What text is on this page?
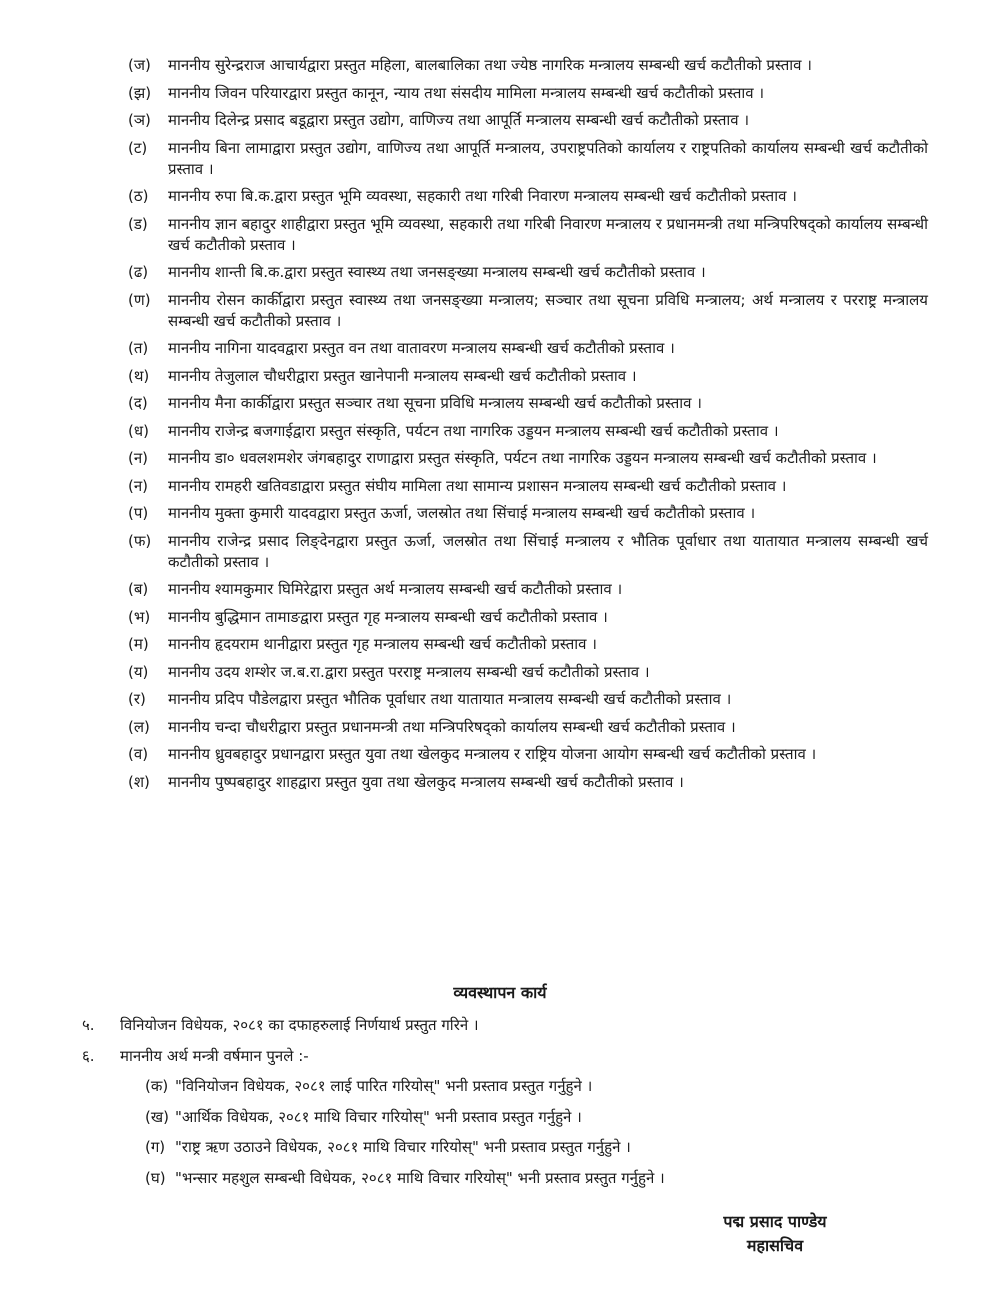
(ज)	माननीय सुरेन्द्रराज आचार्यद्वारा प्रस्तुत महिला, बालबालिका तथा ज्येष्ठ नागरिक मन्त्रालय सम्बन्धी खर्च कटौतीको प्रस्ताव ।
(झ)	माननीय जिवन परियारद्वारा प्रस्तुत कानून, न्याय तथा संसदीय मामिला मन्त्रालय सम्बन्धी खर्च कटौतीको प्रस्ताव ।
(ञ)	माननीय दिलेन्द्र प्रसाद बडूद्वारा प्रस्तुत उद्योग, वाणिज्य तथा आपूर्ति मन्त्रालय सम्बन्धी खर्च कटौतीको प्रस्ताव ।
(ट)	माननीय बिना लामाद्वारा प्रस्तुत उद्योग, वाणिज्य तथा आपूर्ति मन्त्रालय, उपराष्ट्रपतिको कार्यालय र राष्ट्रपतिको कार्यालय सम्बन्धी खर्च कटौतीको प्रस्ताव ।
(ठ)	माननीय रुपा बि.क.द्वारा प्रस्तुत भूमि व्यवस्था, सहकारी तथा गरिबी निवारण मन्त्रालय सम्बन्धी खर्च कटौतीको प्रस्ताव ।
(ड)	माननीय ज्ञान बहादुर शाहीद्वारा प्रस्तुत भूमि व्यवस्था, सहकारी तथा गरिबी निवारण मन्त्रालय र प्रधानमन्त्री तथा मन्त्रिपरिषद्को कार्यालय सम्बन्धी खर्च कटौतीको प्रस्ताव ।
(ढ)	माननीय शान्ती बि.क.द्वारा प्रस्तुत स्वास्थ्य तथा जनसङ्ख्या मन्त्रालय सम्बन्धी खर्च कटौतीको प्रस्ताव ।
(ण)	माननीय रोसन कार्कीद्वारा प्रस्तुत स्वास्थ्य तथा जनसङ्ख्या मन्त्रालय; सञ्चार तथा सूचना प्रविधि मन्त्रालय; अर्थ मन्त्रालय र परराष्ट्र मन्त्रालय सम्बन्धी खर्च कटौतीको प्रस्ताव ।
(त)	माननीय नागिना यादवद्वारा प्रस्तुत वन तथा वातावरण मन्त्रालय सम्बन्धी खर्च कटौतीको प्रस्ताव ।
(थ)	माननीय तेजुलाल चौधरीद्वारा प्रस्तुत खानेपानी मन्त्रालय सम्बन्धी खर्च कटौतीको प्रस्ताव ।
(द)	माननीय मैना कार्कीद्वारा प्रस्तुत सञ्चार तथा सूचना प्रविधि मन्त्रालय सम्बन्धी खर्च कटौतीको प्रस्ताव ।
(ध)	माननीय राजेन्द्र बजगाईद्वारा प्रस्तुत संस्कृति, पर्यटन तथा नागरिक उड्डयन मन्त्रालय सम्बन्धी खर्च कटौतीको प्रस्ताव ।
(न)	माननीय डा० धवलशमशेर जंगबहादुर राणाद्वारा प्रस्तुत संस्कृति, पर्यटन तथा नागरिक उड्डयन मन्त्रालय सम्बन्धी खर्च कटौतीको प्रस्ताव ।
(न)	माननीय रामहरी खतिवडाद्वारा प्रस्तुत संघीय मामिला तथा सामान्य प्रशासन मन्त्रालय सम्बन्धी खर्च कटौतीको प्रस्ताव ।
(प)	माननीय मुक्ता कुमारी यादवद्वारा प्रस्तुत ऊर्जा, जलस्रोत तथा सिंचाई मन्त्रालय सम्बन्धी खर्च कटौतीको प्रस्ताव ।
(फ)	माननीय राजेन्द्र प्रसाद लिङ्देनद्वारा प्रस्तुत ऊर्जा, जलस्रोत तथा सिंचाई मन्त्रालय र भौतिक पूर्वाधार तथा यातायात मन्त्रालय सम्बन्धी खर्च कटौतीको प्रस्ताव ।
(ब)	माननीय श्यामकुमार घिमिरेद्वारा प्रस्तुत अर्थ मन्त्रालय सम्बन्धी खर्च कटौतीको प्रस्ताव ।
(भ)	माननीय बुद्धिमान तामाङद्वारा प्रस्तुत गृह मन्त्रालय सम्बन्धी खर्च कटौतीको प्रस्ताव ।
(म)	माननीय हृदयराम थानीद्वारा प्रस्तुत गृह मन्त्रालय सम्बन्धी खर्च कटौतीको प्रस्ताव ।
(य)	माननीय उदय शम्शेर ज.ब.रा.द्वारा प्रस्तुत परराष्ट्र मन्त्रालय सम्बन्धी खर्च कटौतीको प्रस्ताव ।
(र)	माननीय प्रदिप पौडेलद्वारा प्रस्तुत भौतिक पूर्वाधार तथा यातायात मन्त्रालय सम्बन्धी खर्च कटौतीको प्रस्ताव ।
(ल)	माननीय चन्दा चौधरीद्वारा प्रस्तुत प्रधानमन्त्री तथा मन्त्रिपरिषद्को कार्यालय सम्बन्धी खर्च कटौतीको प्रस्ताव ।
(व)	माननीय ध्रुवबहादुर प्रधानद्वारा प्रस्तुत युवा तथा खेलकुद मन्त्रालय र राष्ट्रिय योजना आयोग सम्बन्धी खर्च कटौतीको प्रस्ताव ।
(श)	माननीय पुष्पबहादुर शाहद्वारा प्रस्तुत युवा तथा खेलकुद मन्त्रालय सम्बन्धी खर्च कटौतीको प्रस्ताव ।
व्यवस्थापन कार्य
५.	विनियोजन विधेयक, २०८१ का दफाहरुलाई निर्णयार्थ प्रस्तुत गरिने ।
६.	माननीय अर्थ मन्त्री वर्षमान पुनले :-
(क) "विनियोजन विधेयक, २०८१ लाई पारित गरियोस्" भनी प्रस्ताव प्रस्तुत गर्नुहुने ।
(ख) "आर्थिक विधेयक, २०८१ माथि विचार गरियोस्" भनी प्रस्ताव प्रस्तुत गर्नुहुने ।
(ग) "राष्ट्र ऋण उठाउने विधेयक, २०८१ माथि विचार गरियोस्" भनी प्रस्ताव प्रस्तुत गर्नुहुने ।
(घ) "भन्सार महशुल सम्बन्धी विधेयक, २०८१ माथि विचार गरियोस्" भनी प्रस्ताव प्रस्तुत गर्नुहुने ।
पद्म प्रसाद पाण्डेय
महासचिव
